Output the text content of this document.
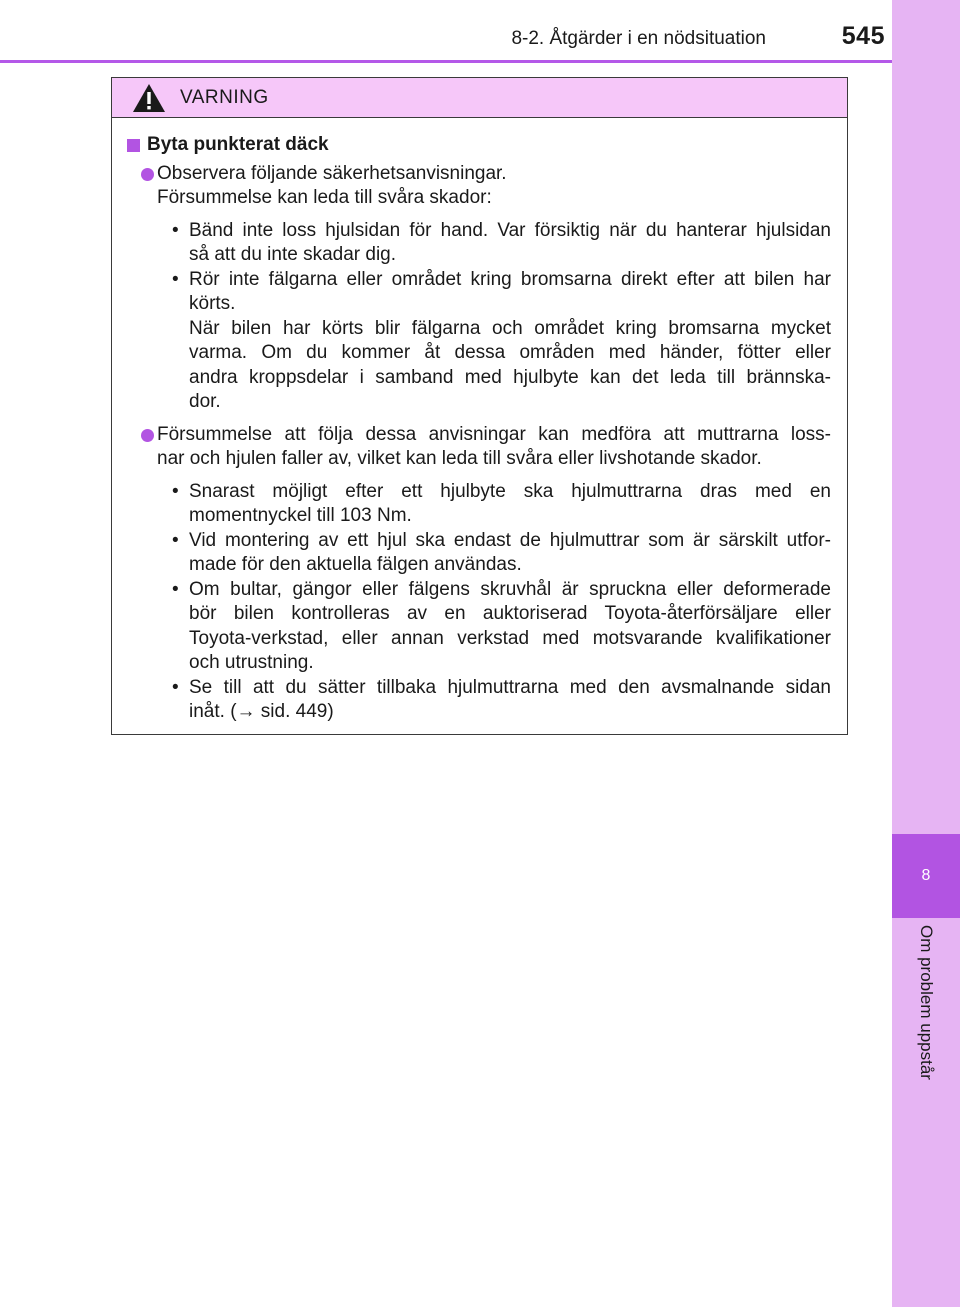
8-2. Åtgärder i en nödsituation	545
8
Om problem uppstår
VARNING
Byta punkterat däck
Observera följande säkerhetsanvisningar.
Försummelse kan leda till svåra skador:
• Bänd inte loss hjulsidan för hand. Var försiktig när du hanterar hjulsidan
så att du inte skadar dig.
• Rör inte fälgarna eller området kring bromsarna direkt efter att bilen har
körts.
När bilen har körts blir fälgarna och området kring bromsarna mycket
varma. Om du kommer åt dessa områden med händer, fötter eller
andra kroppsdelar i samband med hjulbyte kan det leda till brännska-
dor.
Försummelse att följa dessa anvisningar kan medföra att muttrarna loss-
nar och hjulen faller av, vilket kan leda till svåra eller livshotande skador.
• Snarast möjligt efter ett hjulbyte ska hjulmuttrarna dras med en
momentnyckel till 103 Nm.
• Vid montering av ett hjul ska endast de hjulmuttrar som är särskilt utfor-
made för den aktuella fälgen användas.
• Om bultar, gängor eller fälgens skruvhål är spruckna eller deformerade
bör bilen kontrolleras av en auktoriserad Toyota-återförsäljare eller
Toyota-verkstad, eller annan verkstad med motsvarande kvalifikationer
och utrustning.
• Se till att du sätter tillbaka hjulmuttrarna med den avsmalnande sidan
inåt. (→ sid. 449)
